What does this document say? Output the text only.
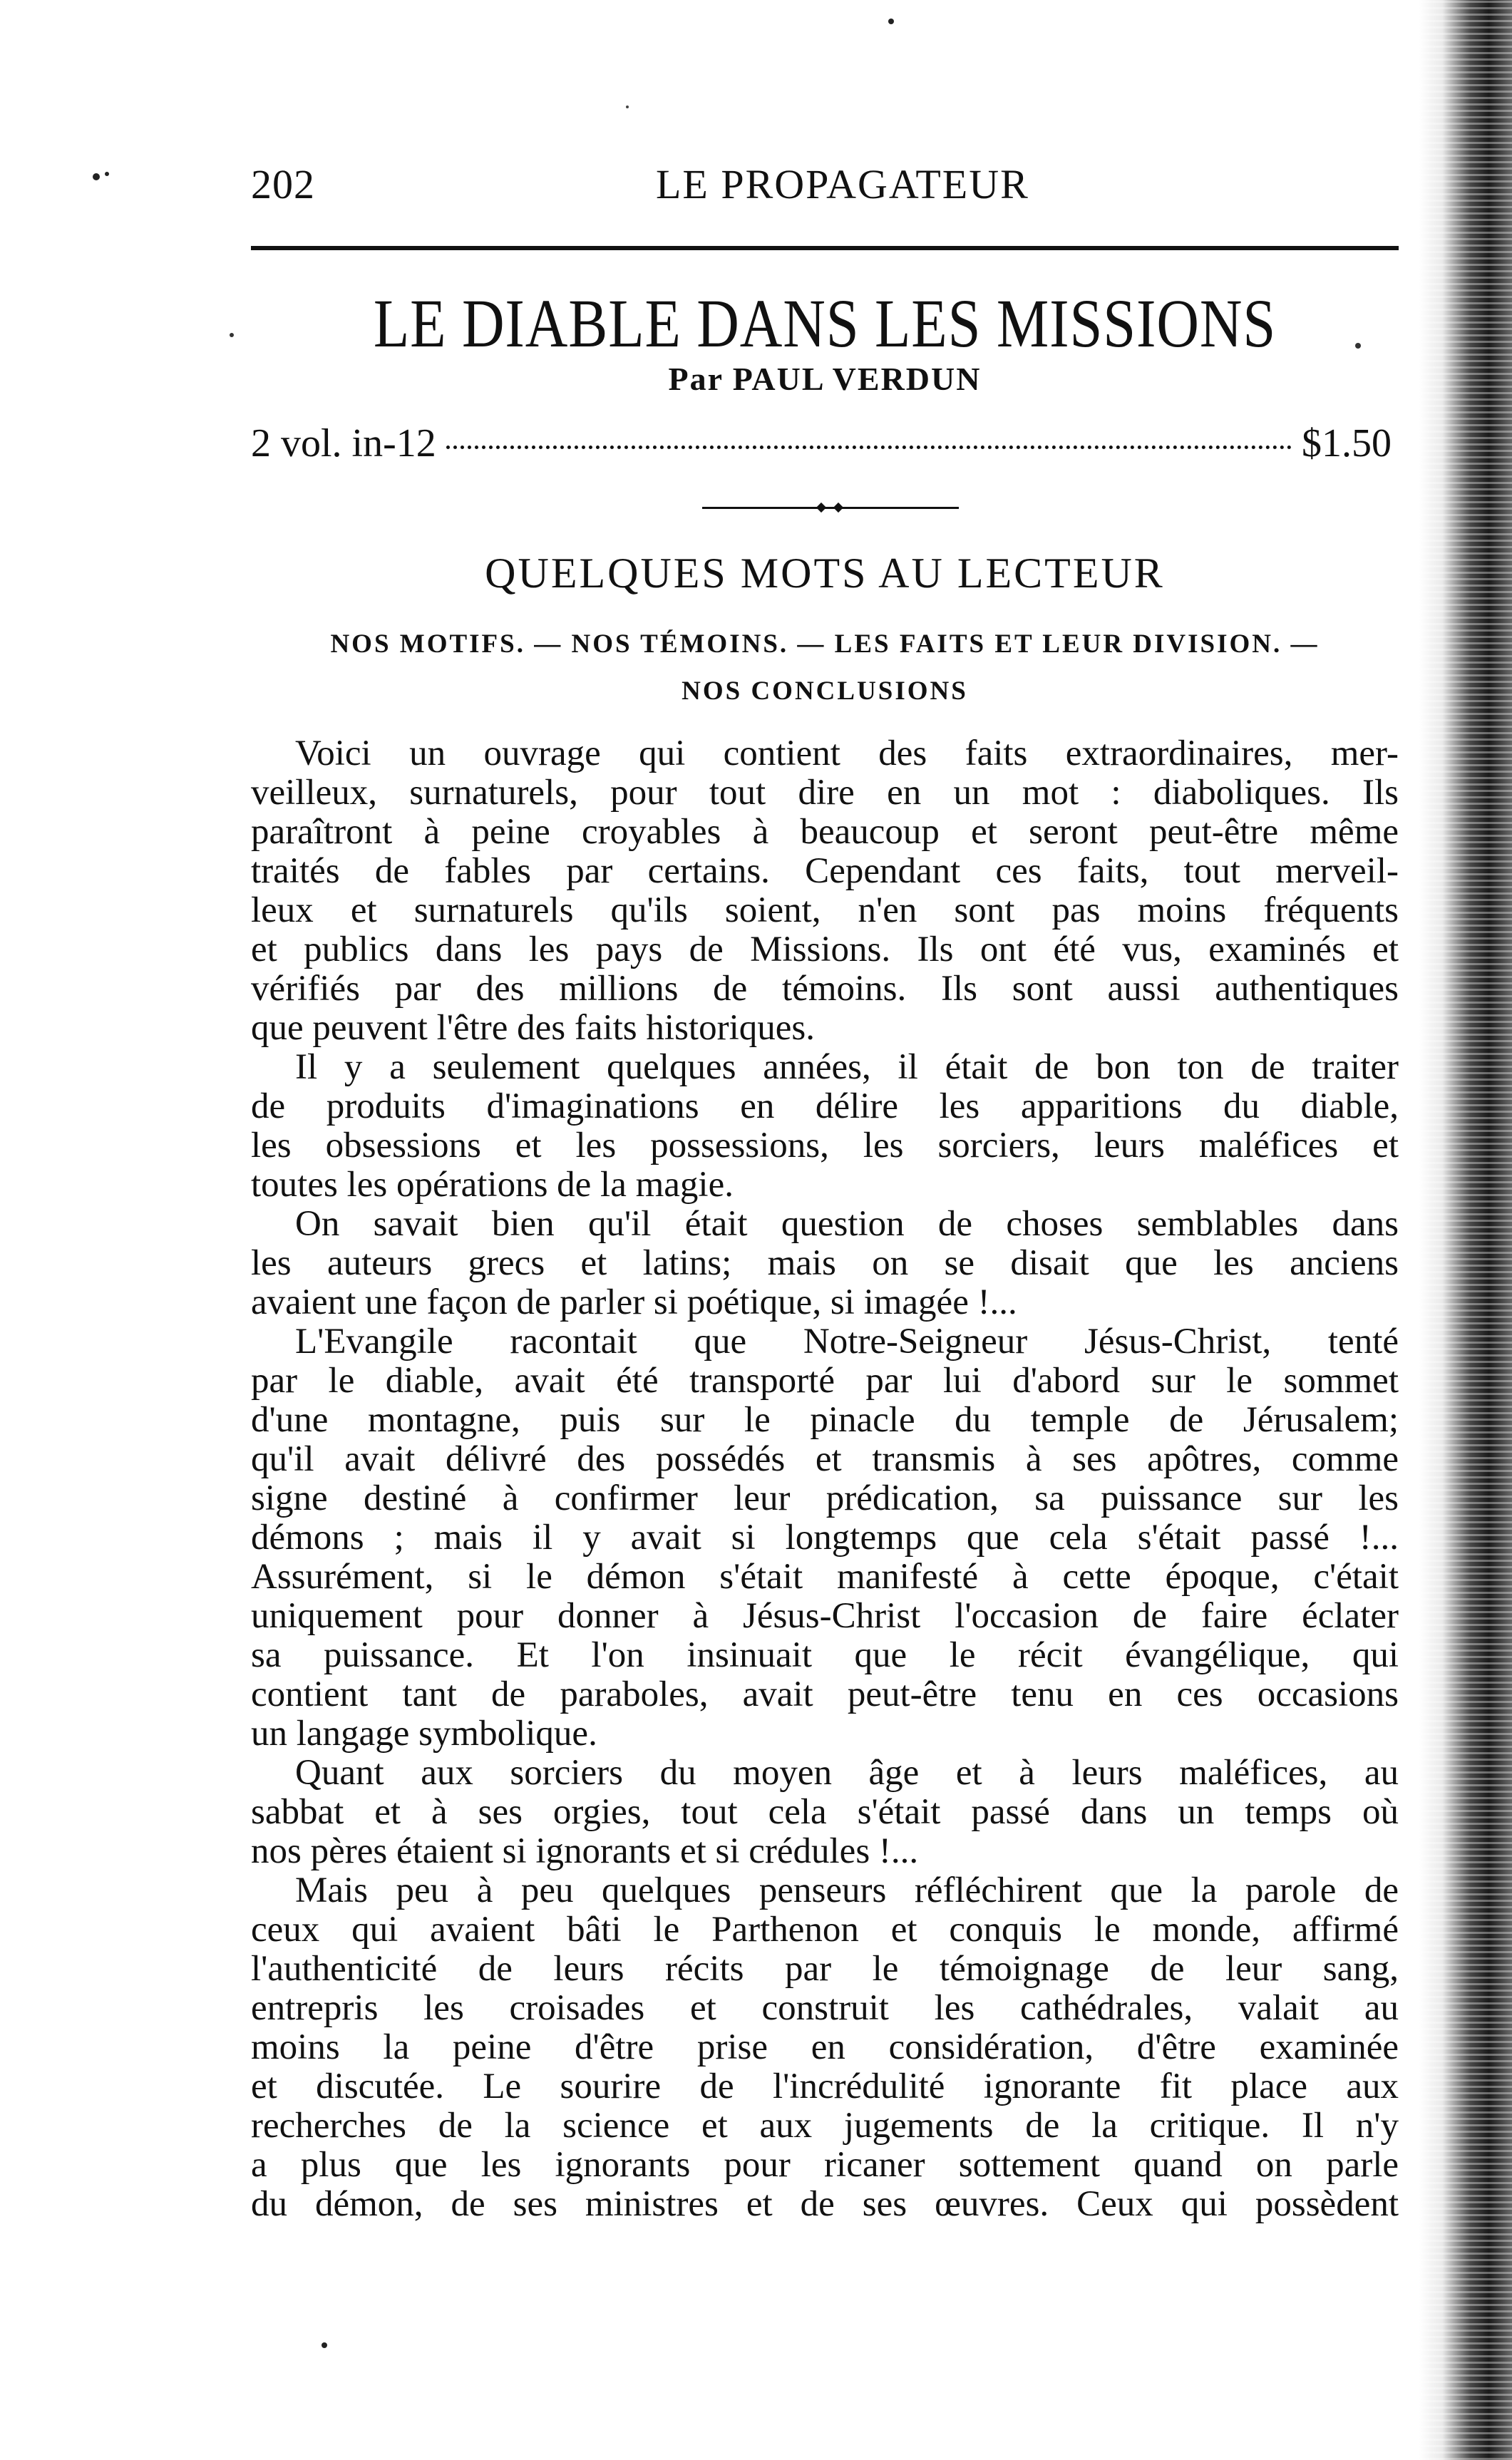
202	LE PROPAGATEUR
LE DIABLE DANS LES MISSIONS
Par PAUL VERDUN
2 vol. in-12	$1.50
QUELQUES MOTS AU LECTEUR
NOS MOTIFS. — NOS TÉMOINS. — LES FAITS ET LEUR DIVISION. —
NOS CONCLUSIONS
Voici un ouvrage qui contient des faits extraordinaires, mer-
veilleux, surnaturels, pour tout dire en un mot : diaboliques. Ils
paraîtront à peine croyables à beaucoup et seront peut-être même
traités de fables par certains. Cependant ces faits, tout merveil-
leux et surnaturels qu'ils soient, n'en sont pas moins fréquents
et publics dans les pays de Missions. Ils ont été vus, examinés et
vérifiés par des millions de témoins. Ils sont aussi authentiques
que peuvent l'être des faits historiques.
Il y a seulement quelques années, il était de bon ton de traiter
de produits d'imaginations en délire les apparitions du diable,
les obsessions et les possessions, les sorciers, leurs maléfices et
toutes les opérations de la magie.
On savait bien qu'il était question de choses semblables dans
les auteurs grecs et latins; mais on se disait que les anciens
avaient une façon de parler si poétique, si imagée !...
L'Evangile racontait que Notre-Seigneur Jésus-Christ, tenté
par le diable, avait été transporté par lui d'abord sur le sommet
d'une montagne, puis sur le pinacle du temple de Jérusalem;
qu'il avait délivré des possédés et transmis à ses apôtres, comme
signe destiné à confirmer leur prédication, sa puissance sur les
démons ; mais il y avait si longtemps que cela s'était passé !...
Assurément, si le démon s'était manifesté à cette époque, c'était
uniquement pour donner à Jésus-Christ l'occasion de faire éclater
sa puissance. Et l'on insinuait que le récit évangélique, qui
contient tant de paraboles, avait peut-être tenu en ces occasions
un langage symbolique.
Quant aux sorciers du moyen âge et à leurs maléfices, au
sabbat et à ses orgies, tout cela s'était passé dans un temps où
nos pères étaient si ignorants et si crédules !...
Mais peu à peu quelques penseurs réfléchirent que la parole de
ceux qui avaient bâti le Parthenon et conquis le monde, affirmé
l'authenticité de leurs récits par le témoignage de leur sang,
entrepris les croisades et construit les cathédrales, valait au
moins la peine d'être prise en considération, d'être examinée
et discutée. Le sourire de l'incrédulité ignorante fit place aux
recherches de la science et aux jugements de la critique. Il n'y
a plus que les ignorants pour ricaner sottement quand on parle
du démon, de ses ministres et de ses œuvres. Ceux qui possèdent
